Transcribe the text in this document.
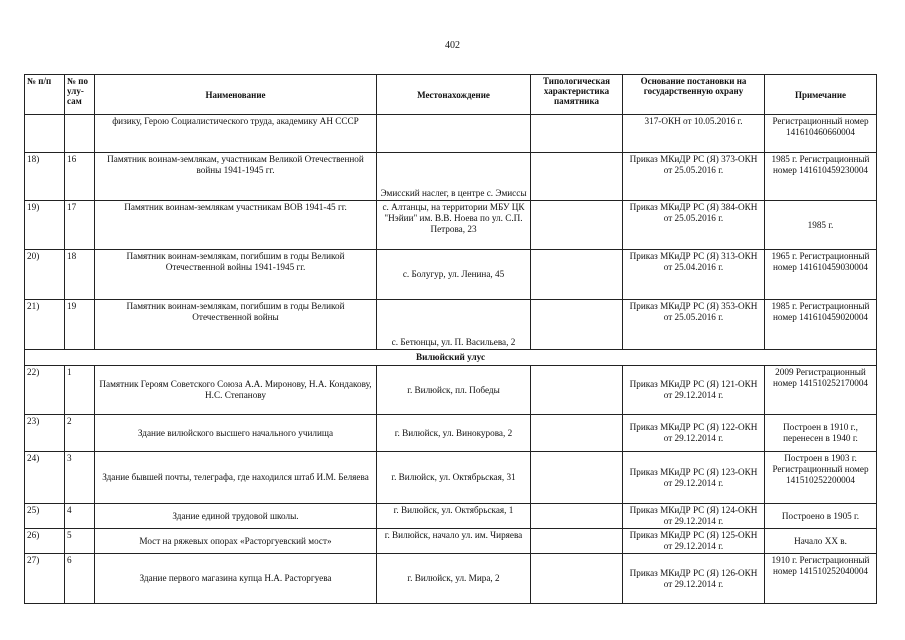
402
№ п/п	№ по улу-сам	Наименование	Местонахождение	Типологическая характеристика памятника	Основание постановки на государственную охрану	Примечание
		физику, Герою Социалистического труда, академику АН СССР			317-ОКН от 10.05.2016 г.	Регистрационный номер 141610460660004
18)	16	Памятник воинам-землякам, участникам Великой Отечественной войны 1941-1945 гг.	Эмисский наслег, в центре с. Эмиссы		Приказ МКиДР РС (Я) 373-ОКН от 25.05.2016 г.	1985 г. Регистрационный номер 141610459230004
19)	17	Памятник воинам-землякам участникам ВОВ 1941-45 гг.	с. Алтанцы, на территории МБУ ЦК "Нэйии" им. В.В. Ноева по ул. С.П. Петрова, 23		Приказ МКиДР РС (Я) 384-ОКН от 25.05.2016 г.	1985 г.
20)	18	Памятник воинам-землякам, погибшим в годы Великой Отечественной войны 1941-1945 гг.	с. Болугур, ул. Ленина, 45		Приказ МКиДР РС (Я) 313-ОКН от 25.04.2016 г.	1965 г. Регистрационный номер 141610459030004
21)	19	Памятник воинам-землякам, погибшим в годы Великой Отечественной войны	с. Бетюнцы, ул. П. Васильева, 2		Приказ МКиДР РС (Я) 353-ОКН от 25.05.2016 г.	1985 г. Регистрационный номер 141610459020004
Вилюйский улус						
22)	1	Памятник Героям Советского Союза А.А. Миронову, Н.А. Кондакову, Н.С. Степанову	г. Вилюйск, пл. Победы		Приказ МКиДР РС (Я) 121-ОКН от 29.12.2014 г.	2009 Регистрационный номер 141510252170004
23)	2	Здание вилюйского высшего начального училища	г. Вилюйск, ул. Винокурова, 2		Приказ МКиДР РС (Я) 122-ОКН от 29.12.2014 г.	Построен в 1910 г., перенесен в 1940 г.
24)	3	Здание бывшей почты, телеграфа, где находился штаб И.М. Беляева	г. Вилюйск, ул. Октябрьская, 31		Приказ МКиДР РС (Я) 123-ОКН от 29.12.2014 г.	Построен в 1903 г. Регистрационный номер 141510252200004
25)	4	Здание единой трудовой школы.	г. Вилюйск, ул. Октябрьская, 1		Приказ МКиДР РС (Я) 124-ОКН от 29.12.2014 г.	Построено в 1905 г.
26)	5	Мост на ряжевых опорах «Расторгуевский мост»	г. Вилюйск, начало ул. им. Чиряева		Приказ МКиДР РС (Я) 125-ОКН от 29.12.2014 г.	Начало XX в.
27)	6	Здание первого магазина купца Н.А. Расторгуева	г. Вилюйск, ул. Мира, 2		Приказ МКиДР РС (Я) 126-ОКН от 29.12.2014 г.	1910 г. Регистрационный номер 141510252040004
